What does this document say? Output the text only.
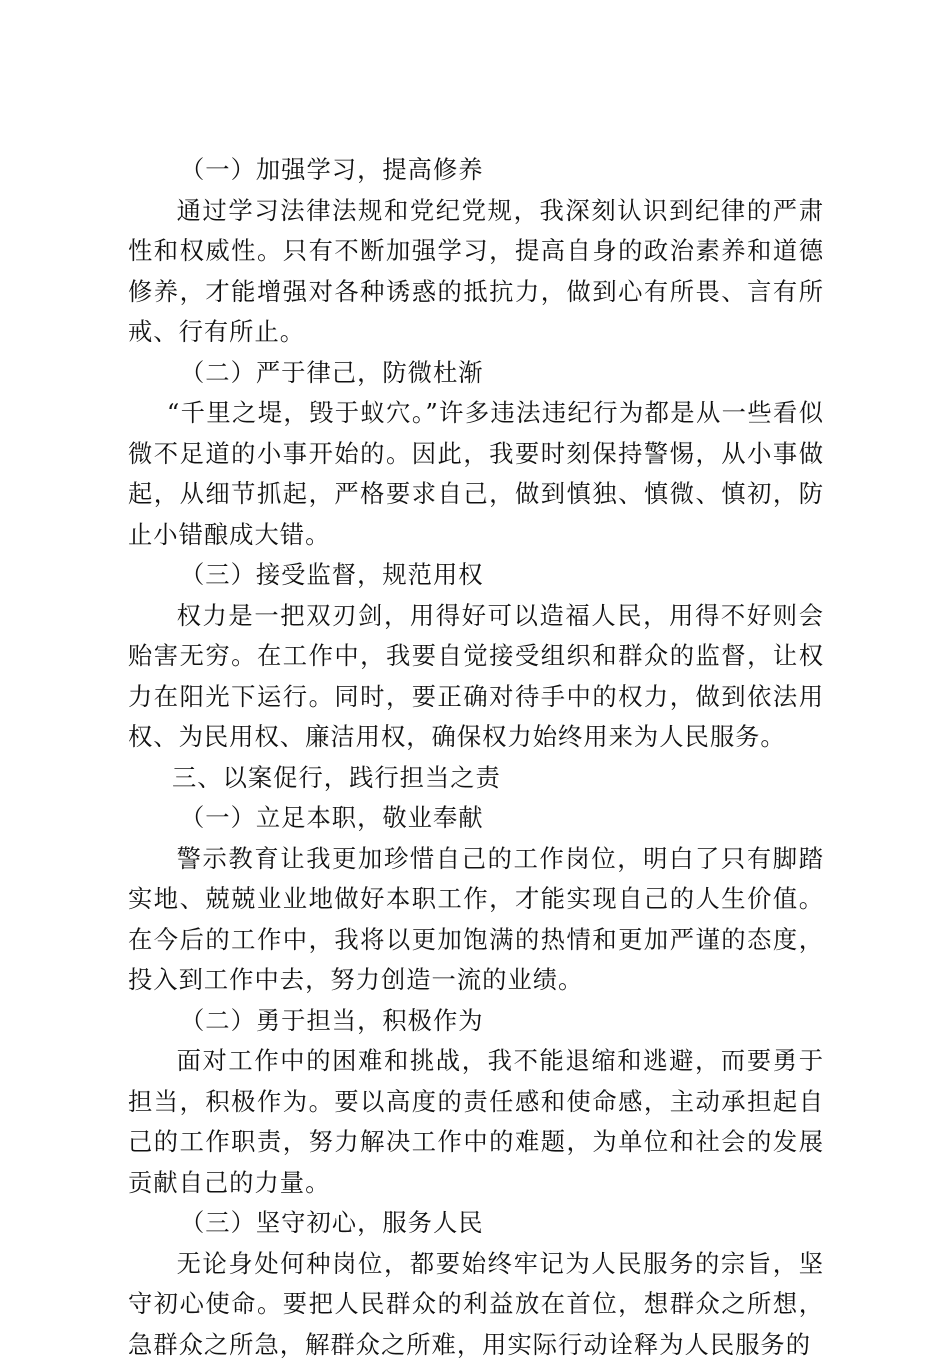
（一）加强学习，提高修养

通过学习法律法规和党纪党规，我深刻认识到纪律的严肃性和权威性。只有不断加强学习，提高自身的政治素养和道德修养，才能增强对各种诱惑的抵抗力，做到心有所畏、言有所戒、行有所止。

（二）严于律己，防微杜渐

“千里之堤，毁于蚁穴。”许多违法违纪行为都是从一些看似微不足道的小事开始的。因此，我要时刻保持警惕，从小事做起，从细节抓起，严格要求自己，做到慎独、慎微、慎初，防止小错酿成大错。

（三）接受监督，规范用权

权力是一把双刃剑，用得好可以造福人民，用得不好则会贻害无穷。在工作中，我要自觉接受组织和群众的监督，让权力在阳光下运行。同时，要正确对待手中的权力，做到依法用权、为民用权、廉洁用权，确保权力始终用来为人民服务。

三、以案促行，践行担当之责

（一）立足本职，敬业奉献

警示教育让我更加珍惜自己的工作岗位，明白了只有脚踏实地、兢兢业业地做好本职工作，才能实现自己的人生价值。在今后的工作中，我将以更加饱满的热情和更加严谨的态度，投入到工作中去，努力创造一流的业绩。

（二）勇于担当，积极作为

面对工作中的困难和挑战，我不能退缩和逃避，而要勇于担当，积极作为。要以高度的责任感和使命感，主动承担起自己的工作职责，努力解决工作中的难题，为单位和社会的发展贡献自己的力量。

（三）坚守初心，服务人民

无论身处何种岗位，都要始终牢记为人民服务的宗旨，坚守初心使命。要把人民群众的利益放在首位，想群众之所想，急群众之所急，解群众之所难，用实际行动诠释为人民服务的
